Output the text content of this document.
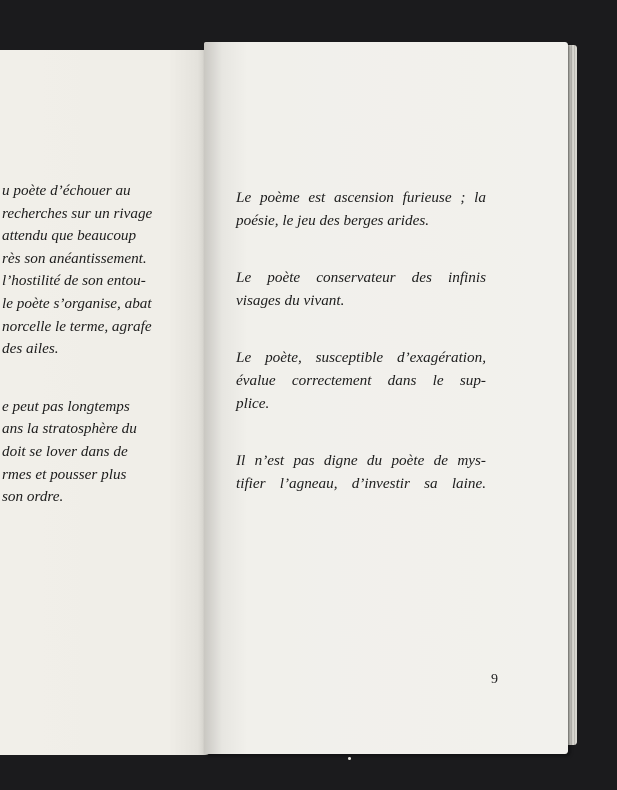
u poète d’échouer au
recherches sur un rivage
attendu que beaucoup
rès son anéantissement.
l’hostilité de son entou-
le poète s’organise, abat
norcelle le terme, agrafe
des ailes.
e peut pas longtemps
ans la stratosphère du
doit se lover dans de
rmes et pousser plus
son ordre.
Le poème est ascension furieuse ; la
poésie, le jeu des berges arides.
Le poète conservateur des infinis
visages du vivant.
Le poète, susceptible d’exagération,
évalue correctement dans le sup-
plice.
Il n’est pas digne du poète de mys-
tifier l’agneau, d’investir sa laine.
9
